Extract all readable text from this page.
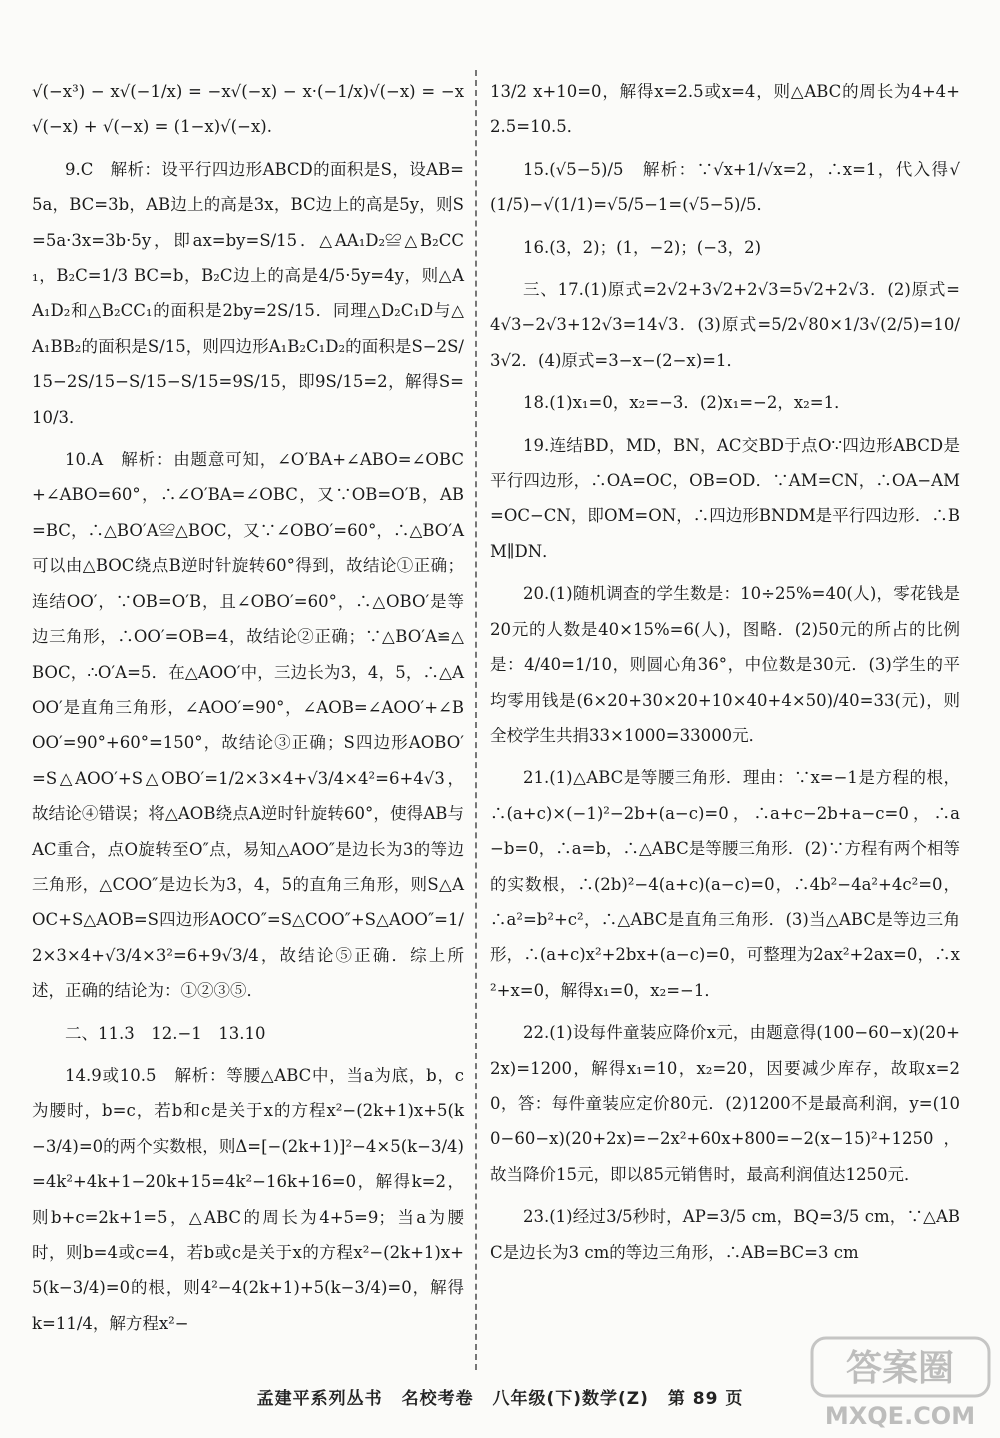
√(−x³) − x√(−1/x) = −x√(−x) − x·(−1/x)√(−x) = −x√(−x) + √(−x) = (1−x)√(−x).

9.C　解析：设平行四边形ABCD的面积是S，设AB=5a，BC=3b，AB边上的高是3x，BC边上的高是5y，则S=5a·3x=3b·5y，即ax=by=S/15．△AA₁D₂≌△B₂CC₁，B₂C=1/3 BC=b，B₂C边上的高是4/5·5y=4y，则△AA₁D₂和△B₂CC₁的面积是2by=2S/15．同理△D₂C₁D与△A₁BB₂的面积是S/15，则四边形A₁B₂C₁D₂的面积是S−2S/15−2S/15−S/15−S/15=9S/15，即9S/15=2，解得S=10/3．

10.A　解析：由题意可知，∠O′BA+∠ABO=∠OBC+∠ABO=60°，∴∠O′BA=∠OBC，又∵OB=O′B，AB=BC，∴△BO′A≌△BOC，又∵∠OBO′=60°，∴△BO′A可以由△BOC绕点B逆时针旋转60°得到，故结论①正确；连结OO′，∵OB=O′B，且∠OBO′=60°，∴△OBO′是等边三角形，∴OO′=OB=4，故结论②正确；∵△BO′A≌△BOC，∴O′A=5．在△AOO′中，三边长为3，4，5，∴△AOO′是直角三角形，∠AOO′=90°，∠AOB=∠AOO′+∠BOO′=90°+60°=150°，故结论③正确；S四边形AOBO′=S△AOO′+S△OBO′=1/2×3×4+√3/4×4²=6+4√3，故结论④错误；将△AOB绕点A逆时针旋转60°，使得AB与AC重合，点O旋转至O″点，易知△AOO″是边长为3的等边三角形，△COO″是边长为3，4，5的直角三角形，则S△AOC+S△AOB=S四边形AOCO″=S△COO″+S△AOO″=1/2×3×4+√3/4×3²=6+9√3/4，故结论⑤正确．综上所述，正确的结论为：①②③⑤．

二、11.3　12.−1　13.10

14.9或10.5　解析：等腰△ABC中，当a为底，b，c为腰时，b=c，若b和c是关于x的方程x²−(2k+1)x+5(k−3/4)=0的两个实数根，则Δ=[−(2k+1)]²−4×5(k−3/4)=4k²+4k+1−20k+15=4k²−16k+16=0，解得k=2，则b+c=2k+1=5，△ABC的周长为4+5=9；当a为腰时，则b=4或c=4，若b或c是关于x的方程x²−(2k+1)x+5(k−3/4)=0的根，则4²−4(2k+1)+5(k−3/4)=0，解得k=11/4，解方程x²−

13/2 x+10=0，解得x=2.5或x=4，则△ABC的周长为4+4+2.5=10.5．

15.(√5−5)/5　解析：∵√x+1/√x=2，∴x=1，代入得√(1/5)−√(1/1)=√5/5−1=(√5−5)/5．

16.(3，2)；(1，−2)；(−3，2)

三、17.(1)原式=2√2+3√2+2√3=5√2+2√3．(2)原式=4√3−2√3+12√3=14√3．(3)原式=5/2√80×1/3√(2/5)=10/3√2．(4)原式=3−x−(2−x)=1．

18.(1)x₁=0，x₂=−3．(2)x₁=−2，x₂=1．

19.连结BD，MD，BN，AC交BD于点O∵四边形ABCD是平行四边形，∴OA=OC，OB=OD．∵AM=CN，∴OA−AM=OC−CN，即OM=ON，∴四边形BNDM是平行四边形．∴BM∥DN．

20.(1)随机调查的学生数是：10÷25%=40(人)，零花钱是20元的人数是40×15%=6(人)，图略．(2)50元的所占的比例是：4/40=1/10，则圆心角36°，中位数是30元．(3)学生的平均零用钱是(6×20+30×20+10×40+4×50)/40=33(元)，则全校学生共捐33×1000=33000元．

21.(1)△ABC是等腰三角形．理由：∵x=−1是方程的根，∴(a+c)×(−1)²−2b+(a−c)=0，∴a+c−2b+a−c=0，∴a−b=0，∴a=b，∴△ABC是等腰三角形．(2)∵方程有两个相等的实数根，∴(2b)²−4(a+c)(a−c)=0，∴4b²−4a²+4c²=0，∴a²=b²+c²，∴△ABC是直角三角形．(3)当△ABC是等边三角形，∴(a+c)x²+2bx+(a−c)=0，可整理为2ax²+2ax=0，∴x²+x=0，解得x₁=0，x₂=−1．

22.(1)设每件童装应降价x元，由题意得(100−60−x)(20+2x)=1200，解得x₁=10，x₂=20，因要减少库存，故取x=20，答：每件童装应定价80元．(2)1200不是最高利润，y=(100−60−x)(20+2x)=−2x²+60x+800=−2(x−15)²+1250，故当降价15元，即以85元销售时，最高利润值达1250元．

23.(1)经过3/5秒时，AP=3/5 cm，BQ=3/5 cm，∵△ABC是边长为3 cm的等边三角形，∴AB=BC=3 cm

孟建平系列丛书 名校考卷 八年级(下)数学(Z) 第 89 页
答案圈
MXQE.COM
